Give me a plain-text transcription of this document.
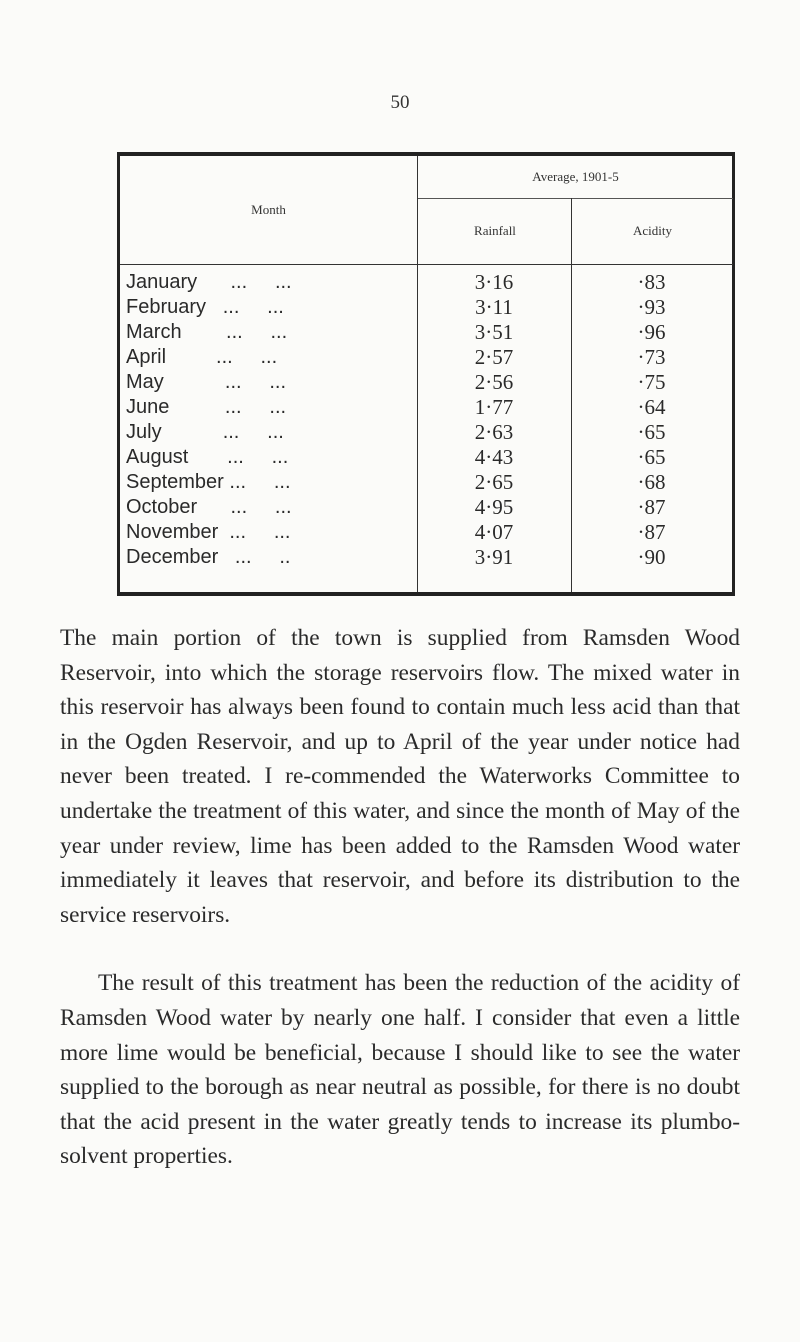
50
Month
Average, 1901-5
Rainfall	Acidity
January      ...     ...	3·16	·83
February   ...     ...	3·11	·93
March        ...     ...	3·51	·96
April         ...     ...	2·57	·73
May           ...     ...	2·56	·75
June          ...     ...	1·77	·64
July           ...     ...	2·63	·65
August       ...     ...	4·43	·65
September ...     ...	2·65	·68
October      ...     ...	4·95	·87
November  ...     ...	4·07	·87
December   ...     ..	3·91	·90

The main portion of the town is supplied from Ramsden Wood Reservoir, into which the storage reservoirs flow. The mixed water in this reservoir has always been found to contain much less acid than that in the Ogden Reservoir, and up to April of the year under notice had never been treated. I re-commended the Waterworks Committee to undertake the treatment of this water, and since the month of May of the year under review, lime has been added to the Ramsden Wood water immediately it leaves that reservoir, and before its distribution to the service reservoirs.

The result of this treatment has been the reduction of the acidity of Ramsden Wood water by nearly one half. I consider that even a little more lime would be beneficial, because I should like to see the water supplied to the borough as near neutral as possible, for there is no doubt that the acid present in the water greatly tends to increase its plumbo-solvent properties.
